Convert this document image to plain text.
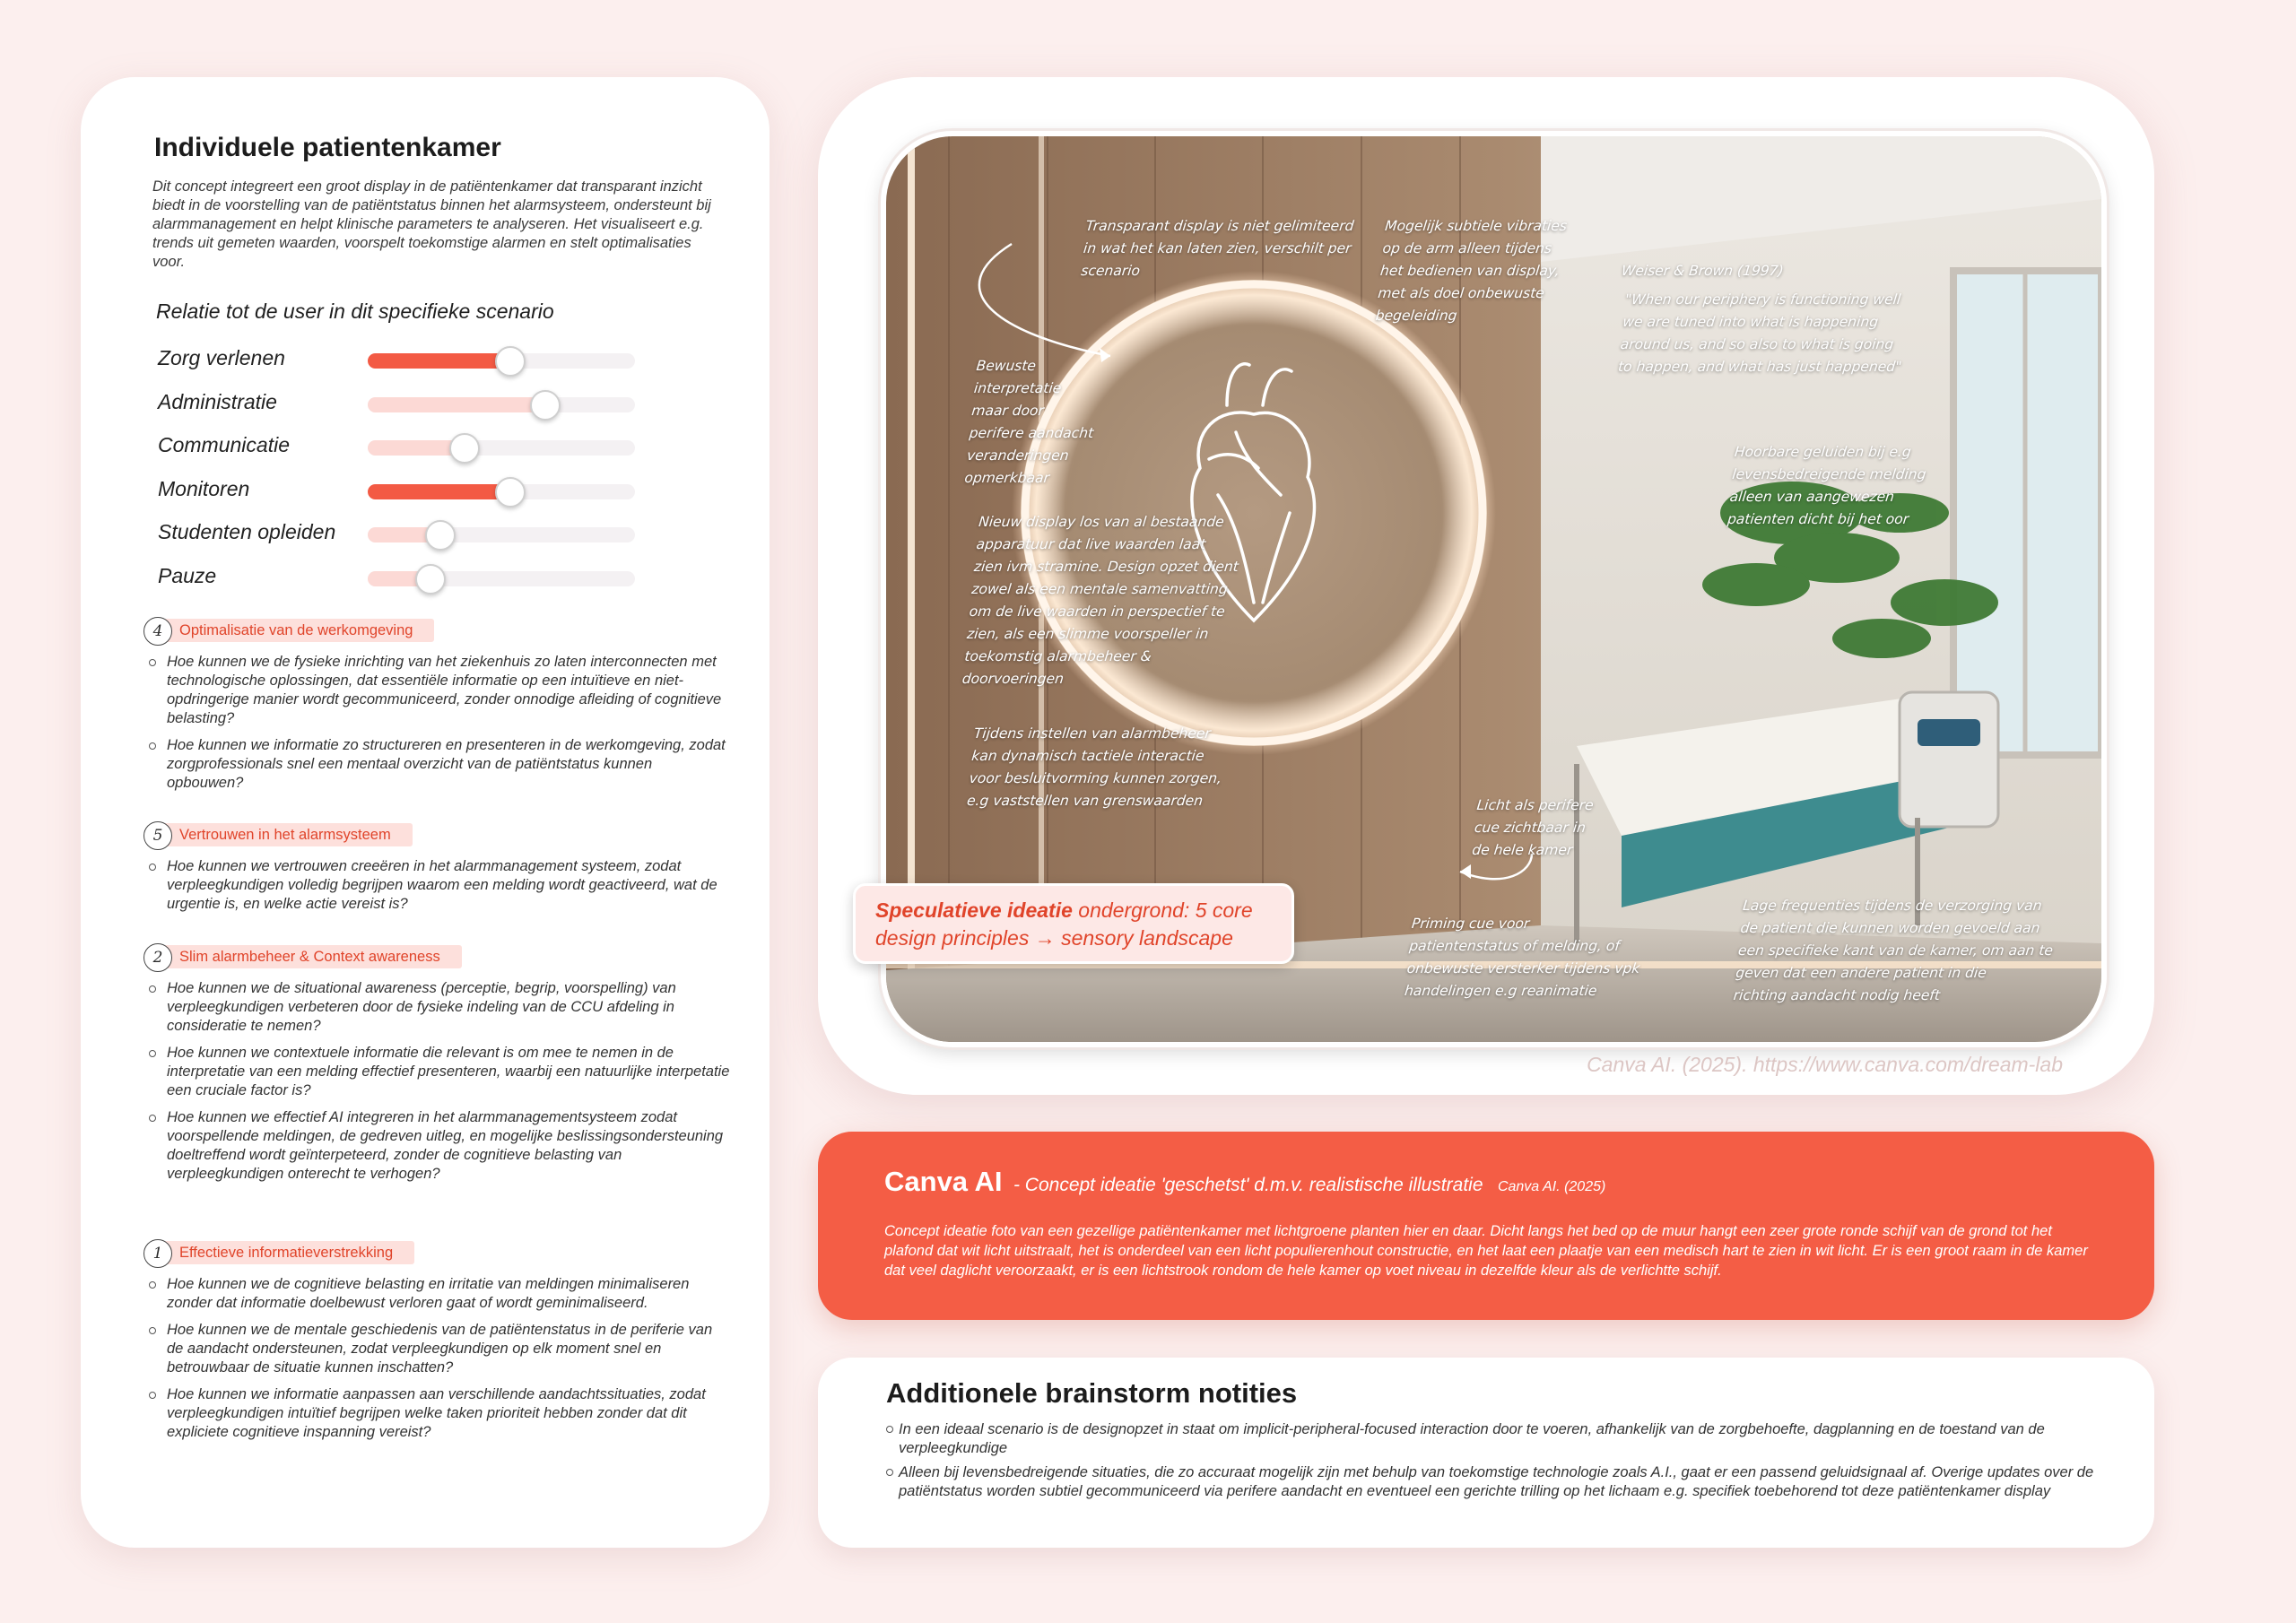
Individuele patientenkamer
Dit concept integreert een groot display in de patiëntenkamer dat transparant inzicht biedt in de voorstelling van de patiëntstatus binnen het alarmsysteem, ondersteunt bij alarmmanagement en helpt klinische parameters te analyseren. Het visualiseert e.g. trends uit gemeten waarden, voorspelt toekomstige alarmen en stelt optimalisaties voor.
Relatie tot de user in dit specifieke scenario
Zorg verlenen
Administratie
Communicatie
Monitoren
Studenten opleiden
Pauze
4	Optimalisatie van de werkomgeving
Hoe kunnen we de fysieke inrichting van het ziekenhuis zo laten interconnecten met technologische oplossingen, dat essentiële informatie op een intuïtieve en niet-opdringerige manier wordt gecommuniceerd, zonder onnodige afleiding of cognitieve belasting?
Hoe kunnen we informatie zo structureren en presenteren in de werkomgeving, zodat zorgprofessionals snel een mentaal overzicht van de patiëntstatus kunnen opbouwen?
5	Vertrouwen in het alarmsysteem
Hoe kunnen we vertrouwen creeëren in het alarmmanagement systeem, zodat verpleegkundigen volledig begrijpen waarom een melding wordt geactiveerd, wat de urgentie is, en welke actie vereist is?
2	Slim alarmbeheer & Context awareness
Hoe kunnen we de situational awareness (perceptie, begrip, voorspelling) van verpleegkundigen verbeteren door de fysieke indeling van de CCU afdeling in consideratie te nemen?
Hoe kunnen we contextuele informatie die relevant is om mee te nemen in de interpretatie van een melding effectief presenteren, waarbij een natuurlijke interpetatie een cruciale factor is?
Hoe kunnen we effectief AI integreren in het alarmmanagementsysteem zodat voorspellende meldingen, de gedreven uitleg, en mogelijke beslissingsondersteuning doeltreffend wordt geïnterpeteerd, zonder de cognitieve belasting van verpleegkundigen onterecht te verhogen?
1	Effectieve informatieverstrekking
Hoe kunnen we de cognitieve belasting en irritatie van meldingen minimaliseren zonder dat informatie doelbewust verloren gaat of wordt geminimaliseerd.
Hoe kunnen we de mentale geschiedenis van de patiëntenstatus in de periferie van de aandacht ondersteunen, zodat verpleegkundigen op elk moment snel en betrouwbaar de situatie kunnen inschatten?
Hoe kunnen we informatie aanpassen aan verschillende aandachtssituaties, zodat verpleegkundigen intuïtief begrijpen welke taken prioriteit hebben zonder dat dit expliciete cognitieve inspanning vereist?
Transparant display is niet gelimiteerd
in wat het kan laten zien, verschilt per
scenario
Mogelijk subtiele vibraties
op de arm alleen tijdens
het bedienen van display,
met als doel onbewuste
begeleiding
Weiser & Brown (1997)
"When our periphery is functioning well
we are tuned into what is happening
around us, and so also to what is going
to happen, and what has just happened"
Bewuste
interpretatie
maar door
perifere aandacht
veranderingen
opmerkbaar
Hoorbare geluiden bij e.g
levensbedreigende melding
alleen van aangewezen
patienten dicht bij het oor
Nieuw display los van al bestaande
apparatuur dat live waarden laat
zien ivm stramine. Design opzet dient
zowel als een mentale samenvatting
om de live waarden in perspectief te
zien, als een slimme voorspeller in
toekomstig alarmbeheer &
doorvoeringen
Tijdens instellen van alarmbeheer
kan dynamisch tactiele interactie
voor besluitvorming kunnen zorgen,
e.g vaststellen van grenswaarden	Licht als perifere
cue zichtbaar in
de hele kamer
Priming cue voor
patientenstatus of melding, of
onbewuste versterker tijdens vpk
handelingen e.g reanimatie
Lage frequenties tijdens de verzorging van
de patient die kunnen worden gevoeld aan
een specifieke kant van de kamer, om aan te
geven dat een andere patient in die
richting aandacht nodig heeft
Canva AI. (2025). https://www.canva.com/dream-lab
Speculatieve ideatie ondergrond: 5 core
design principles → sensory landscape
Canva AI - Concept ideatie 'geschetst' d.m.v. realistische illustratie Canva AI. (2025)
Concept ideatie foto van een gezellige patiëntenkamer met lichtgroene planten hier en daar. Dicht langs het bed op de muur hangt een zeer grote ronde schijf van de grond tot het plafond dat wit licht uitstraalt, het is onderdeel van een licht populierenhout constructie, en het laat een plaatje van een medisch hart te zien in wit licht. Er is een groot raam in de kamer dat veel daglicht veroorzaakt, er is een lichtstrook rondom de hele kamer op voet niveau in dezelfde kleur als de verlichtte schijf.
Additionele brainstorm notities
In een ideaal scenario is de designopzet in staat om implicit-peripheral-focused interaction door te voeren, afhankelijk van de zorgbehoefte, dagplanning en de toestand van de verpleegkundige
Alleen bij levensbedreigende situaties, die zo accuraat mogelijk zijn met behulp van toekomstige technologie zoals A.I., gaat er een passend geluidsignaal af. Overige updates over de patiëntstatus worden subtiel gecommuniceerd via perifere aandacht en eventueel een gerichte trilling op het lichaam e.g. specifiek toebehorend tot deze patiëntenkamer display
